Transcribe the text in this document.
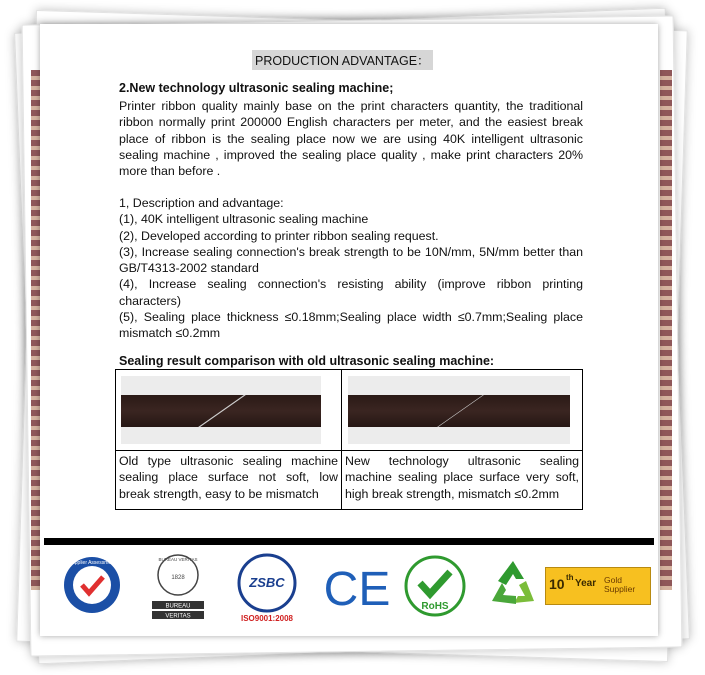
PRODUCTION ADVANTAGE：
2.New technology ultrasonic sealing machine;
Printer ribbon quality mainly base on the print characters quantity, the traditional ribbon normally print 200000 English characters per meter, and the easiest break place of ribbon is the sealing place now we are using 40K intelligent ultrasonic sealing machine , improved the sealing place quality , make print characters 20% more than before .
1, Description and advantage:
(1), 40K intelligent ultrasonic sealing machine
(2), Developed according to printer ribbon sealing request.
(3), Increase sealing connection's break strength to be 10N/mm, 5N/mm better than GB/T4313-2002 standard
(4), Increase sealing connection's resisting ability (improve ribbon printing characters)
(5), Sealing place thickness ≤0.18mm;Sealing place width ≤0.7mm;Sealing place mismatch ≤0.2mm
Sealing result comparison with old ultrasonic sealing machine:

Old type ultrasonic sealing machine sealing place surface not soft, low break strength, easy to be mismatch	New technology ultrasonic sealing machine sealing place surface very soft, high break strength, mismatch ≤0.2mm
Supplier Assessment
BUREAU VERITAS
1828
BUREAU
VERITAS
ZSBC
ISO9001:2008
CE	RoHS
10 th
Year Gold Supplier
